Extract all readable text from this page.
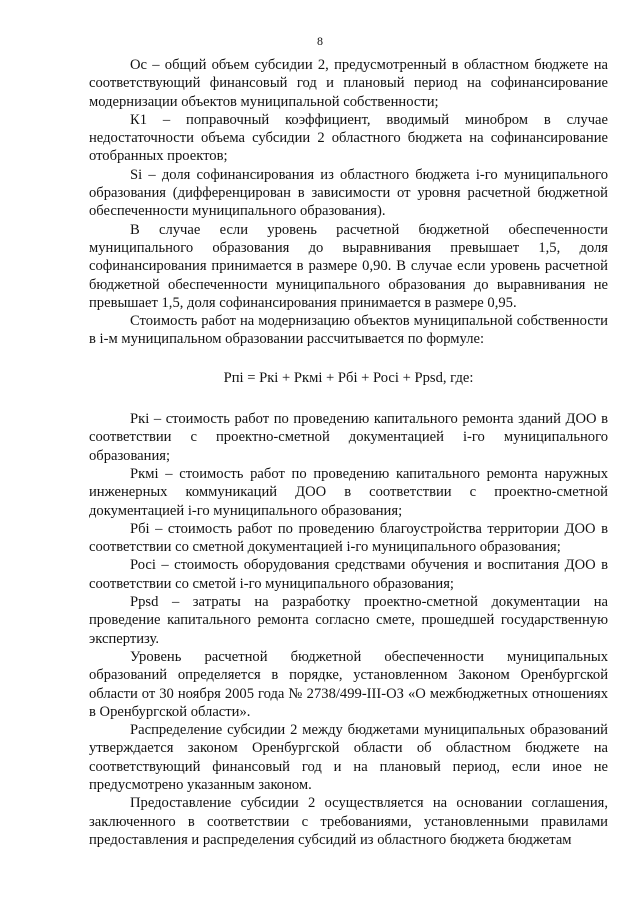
8

Ос – общий объем субсидии 2, предусмотренный в областном бюджете на соответствующий финансовый год и плановый период на софинансирование модернизации объектов муниципальной собственности;

К1 – поправочный коэффициент, вводимый минобром в случае недостаточности объема субсидии 2 областного бюджета на софинансирование отобранных проектов;

Si – доля софинансирования из областного бюджета i-го муниципального образования (дифференцирован в зависимости от уровня расчетной бюджетной обеспеченности муниципального образования).

В случае если уровень расчетной бюджетной обеспеченности муниципального образования до выравнивания превышает 1,5, доля софинансирования принимается в размере 0,90. В случае если уровень расчетной бюджетной обеспеченности муниципального образования до выравнивания не превышает 1,5, доля софинансирования принимается в размере 0,95.

Стоимость работ на модернизацию объектов муниципальной собственности в i-м муниципальном образовании рассчитывается по формуле:

Рпi = Ркi + Ркмi + Рбi + Росi + Рpsd, где:

Ркi – стоимость работ по проведению капитального ремонта зданий ДОО в соответствии с проектно-сметной документацией i-го муниципального образования;

Ркмi – стоимость работ по проведению капитального ремонта наружных инженерных коммуникаций ДОО в соответствии с проектно-сметной документацией i-го муниципального образования;

Рбi – стоимость работ по проведению благоустройства территории ДОО в соответствии со сметной документацией i-го муниципального образования;

Росi – стоимость оборудования средствами обучения и воспитания ДОО в соответствии со сметой i-го муниципального образования;

Рpsd – затраты на разработку проектно-сметной документации на проведение капитального ремонта согласно смете, прошедшей государственную экспертизу.

Уровень расчетной бюджетной обеспеченности муниципальных образований определяется в порядке, установленном Законом Оренбургской области от 30 ноября 2005 года № 2738/499-III-ОЗ «О межбюджетных отношениях в Оренбургской области».

Распределение субсидии 2 между бюджетами муниципальных образований утверждается законом Оренбургской области об областном бюджете на соответствующий финансовый год и на плановый период, если иное не предусмотрено указанным законом.

Предоставление субсидии 2 осуществляется на основании соглашения, заключенного в соответствии с требованиями, установленными правилами предоставления и распределения субсидий из областного бюджета бюджетам
